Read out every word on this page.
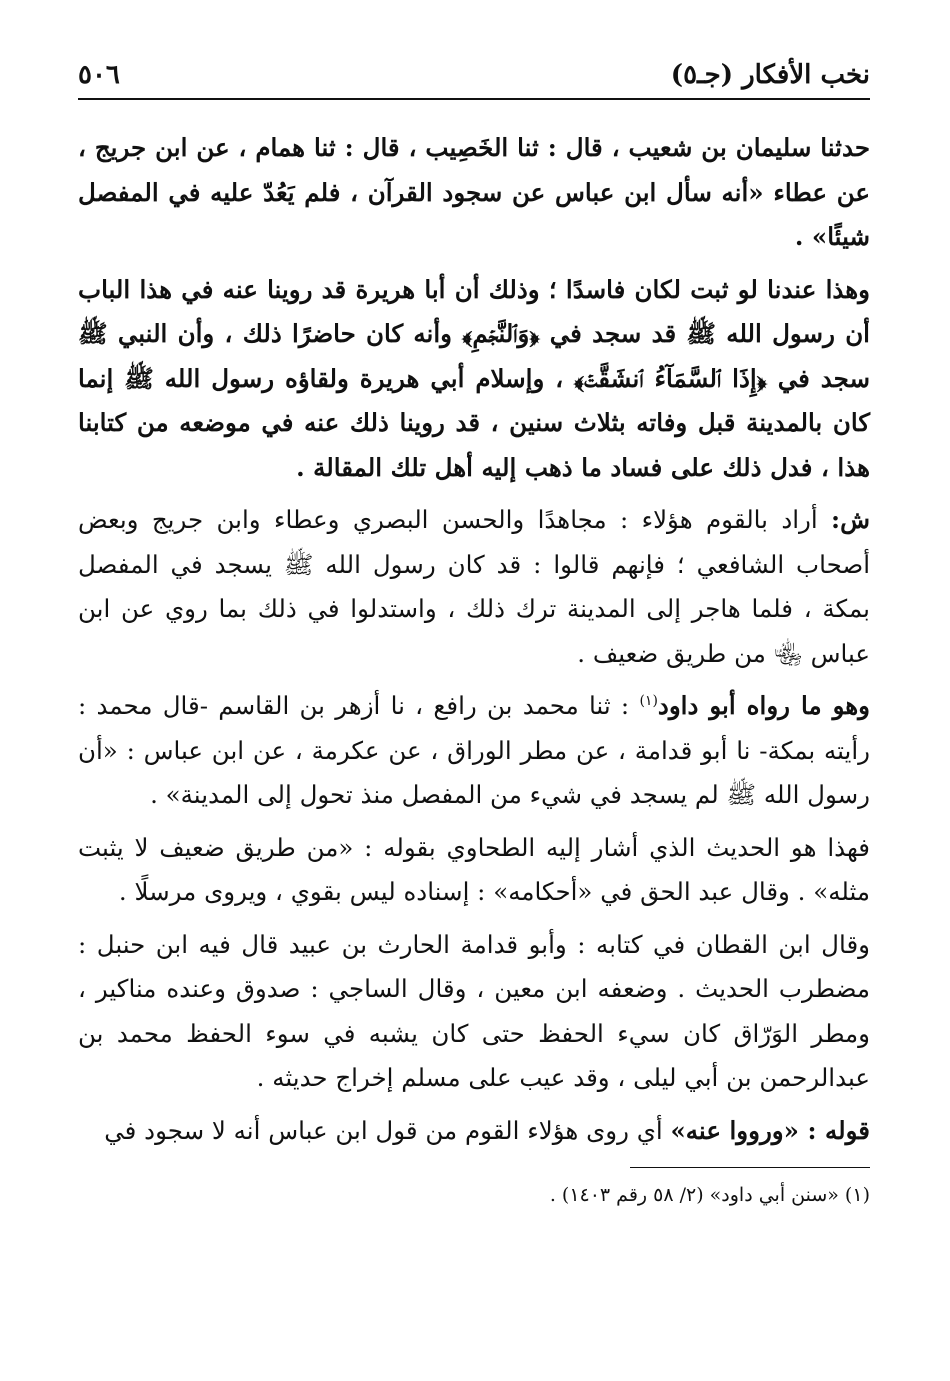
نخب الأفكار (جـ٥)
٥٠٦

حدثنا سليمان بن شعيب ، قال : ثنا الخَصِيب ، قال : ثنا همام ، عن ابن جريج ، عن عطاء «أنه سأل ابن عباس عن سجود القرآن ، فلم يَعُدّ عليه في المفصل شيئًا» .

وهذا عندنا لو ثبت لكان فاسدًا ؛ وذلك أن أبا هريرة قد روينا عنه في هذا الباب أن رسول الله ﷺ قد سجد في ﴿وَٱلنَّجۡمِ﴾ وأنه كان حاضرًا ذلك ، وأن النبي ﷺ سجد في ﴿إِذَا ٱلسَّمَآءُ ٱنشَقَّتۡ﴾ ، وإسلام أبي هريرة ولقاؤه رسول الله ﷺ إنما كان بالمدينة قبل وفاته بثلاث سنين ، قد روينا ذلك عنه في موضعه من كتابنا هذا ، فدل ذلك على فساد ما ذهب إليه أهل تلك المقالة .

ش: أراد بالقوم هؤلاء : مجاهدًا والحسن البصري وعطاء وابن جريج وبعض أصحاب الشافعي ؛ فإنهم قالوا : قد كان رسول الله ﷺ يسجد في المفصل بمكة ، فلما هاجر إلى المدينة ترك ذلك ، واستدلوا في ذلك بما روي عن ابن عباس ﵄ من طريق ضعيف .

وهو ما رواه أبو داود$^{(١)}$ : ثنا محمد بن رافع ، نا أزهر بن القاسم -قال محمد : رأيته بمكة- نا أبو قدامة ، عن مطر الوراق ، عن عكرمة ، عن ابن عباس : «أن رسول الله ﷺ لم يسجد في شيء من المفصل منذ تحول إلى المدينة» .

فهذا هو الحديث الذي أشار إليه الطحاوي بقوله : «من طريق ضعيف لا يثبت مثله» . وقال عبد الحق في «أحكامه» : إسناده ليس بقوي ، ويروى مرسلًا .

وقال ابن القطان في كتابه : وأبو قدامة الحارث بن عبيد قال فيه ابن حنبل : مضطرب الحديث . وضعفه ابن معين ، وقال الساجي : صدوق وعنده مناكير ، ومطر الوَرّاق كان سيء الحفظ حتى كان يشبه في سوء الحفظ محمد بن عبدالرحمن بن أبي ليلى ، وقد عيب على مسلم إخراج حديثه .

قوله : «ورووا عنه» أي روى هؤلاء القوم من قول ابن عباس أنه لا سجود في

(١) «سنن أبي داود» (٢/ ٥٨ رقم ١٤٠٣) .
